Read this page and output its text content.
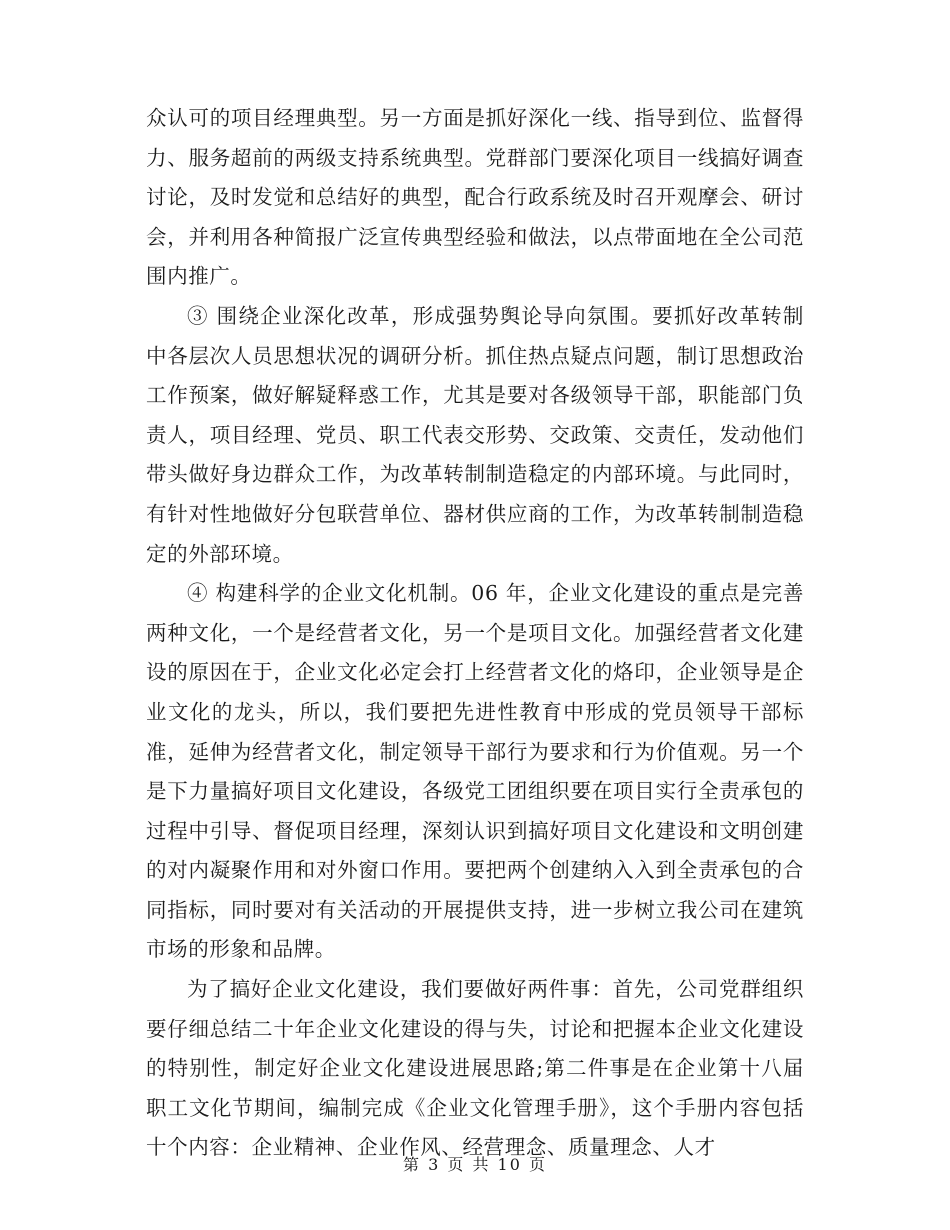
众认可的项目经理典型。另一方面是抓好深化一线、指导到位、监督得力、服务超前的两级支持系统典型。党群部门要深化项目一线搞好调查讨论，及时发觉和总结好的典型，配合行政系统及时召开观摩会、研讨会，并利用各种简报广泛宣传典型经验和做法，以点带面地在全公司范围内推广。

③ 围绕企业深化改革，形成强势舆论导向氛围。要抓好改革转制中各层次人员思想状况的调研分析。抓住热点疑点问题，制订思想政治工作预案，做好解疑释惑工作，尤其是要对各级领导干部，职能部门负责人，项目经理、党员、职工代表交形势、交政策、交责任，发动他们带头做好身边群众工作，为改革转制制造稳定的内部环境。与此同时，有针对性地做好分包联营单位、器材供应商的工作，为改革转制制造稳定的外部环境。

④ 构建科学的企业文化机制。06 年，企业文化建设的重点是完善两种文化，一个是经营者文化，另一个是项目文化。加强经营者文化建设的原因在于，企业文化必定会打上经营者文化的烙印，企业领导是企业文化的龙头，所以，我们要把先进性教育中形成的党员领导干部标准，延伸为经营者文化，制定领导干部行为要求和行为价值观。另一个是下力量搞好项目文化建设，各级党工团组织要在项目实行全责承包的过程中引导、督促项目经理，深刻认识到搞好项目文化建设和文明创建的对内凝聚作用和对外窗口作用。要把两个创建纳入入到全责承包的合同指标，同时要对有关活动的开展提供支持，进一步树立我公司在建筑市场的形象和品牌。

为了搞好企业文化建设，我们要做好两件事：首先，公司党群组织要仔细总结二十年企业文化建设的得与失，讨论和把握本企业文化建设的特别性，制定好企业文化建设进展思路;第二件事是在企业第十八届职工文化节期间，编制完成《企业文化管理手册》，这个手册内容包括十个内容：企业精神、企业作风、经营理念、质量理念、人才

第 3 页 共 10 页
